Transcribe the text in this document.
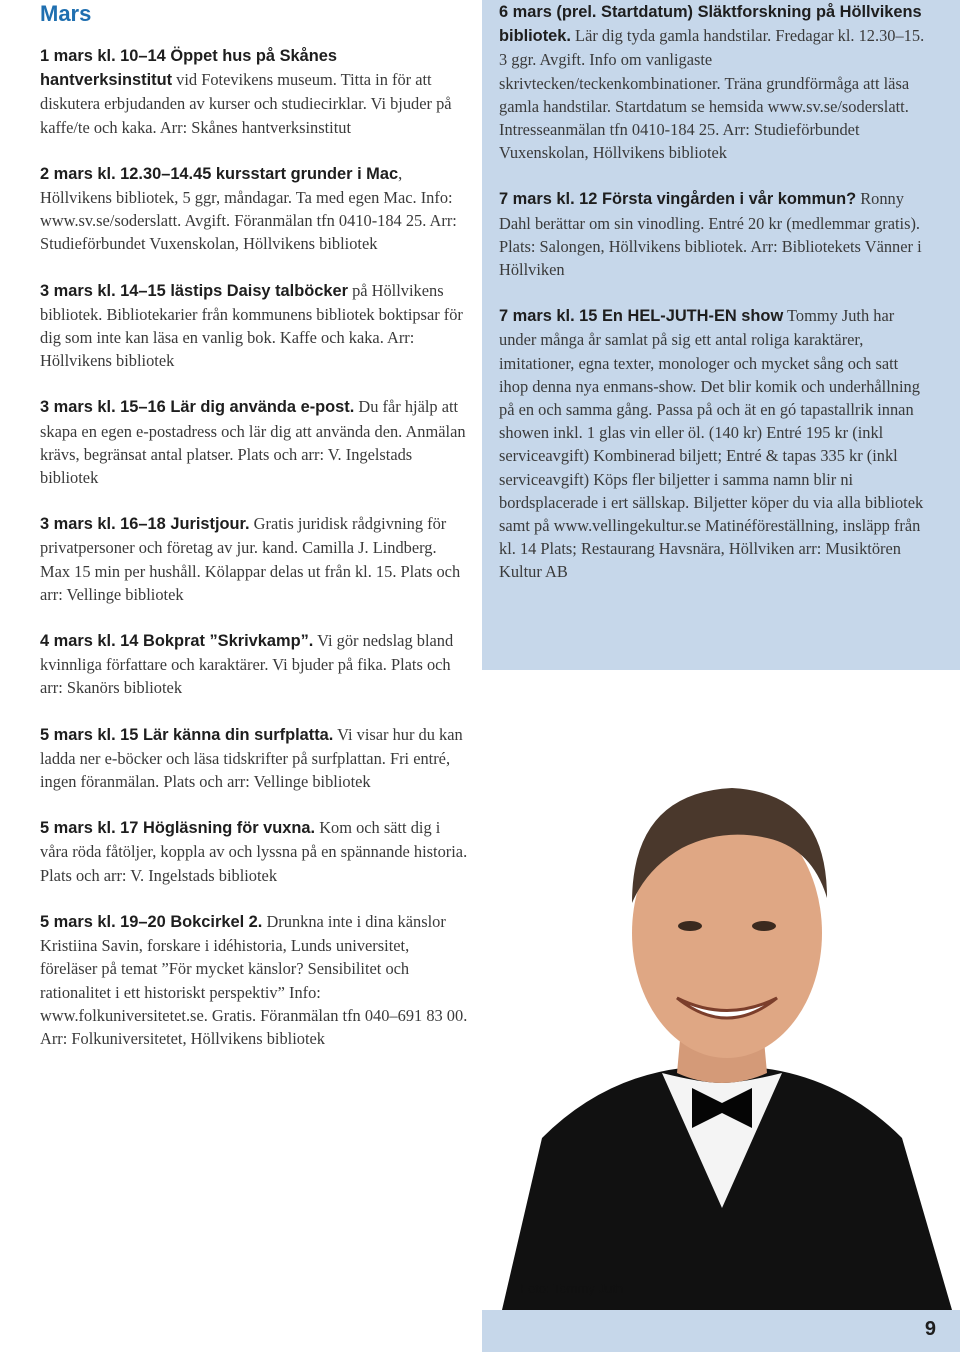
Mars
1 mars kl. 10–14 Öppet hus på Skånes hantverksinstitut vid Fotevikens museum. Titta in för att diskutera erbjudanden av kurser och studiecirklar. Vi bjuder på kaffe/te och kaka. Arr: Skånes hantverksinstitut
2 mars kl. 12.30–14.45 kursstart grunder i Mac, Höllvikens bibliotek, 5 ggr, måndagar. Ta med egen Mac. Info: www.sv.se/soderslatt. Avgift. Föranmälan tfn 0410-184 25. Arr: Studieförbundet Vuxenskolan, Höllvikens bibliotek
3 mars kl. 14–15 lästips Daisy talböcker på Höllvikens bibliotek. Bibliotekarier från kommunens bibliotek boktipsar för dig som inte kan läsa en vanlig bok. Kaffe och kaka. Arr: Höllvikens bibliotek
3 mars kl. 15–16 Lär dig använda e-post. Du får hjälp att skapa en egen e-postadress och lär dig att använda den. Anmälan krävs, begränsat antal platser. Plats och arr: V. Ingelstads bibliotek
3 mars kl. 16–18 Juristjour. Gratis juridisk rådgivning för privatpersoner och företag av jur. kand. Camilla J. Lindberg. Max 15 min per hushåll. Kölappar delas ut från kl. 15. Plats och arr: Vellinge bibliotek
4 mars kl. 14 Bokprat ”Skrivkamp”. Vi gör nedslag bland kvinnliga författare och karaktärer. Vi bjuder på fika. Plats och arr: Skanörs bibliotek
5 mars kl. 15 Lär känna din surfplatta. Vi visar hur du kan ladda ner e-böcker och läsa tidskrifter på surfplattan. Fri entré, ingen föranmälan. Plats och arr: Vellinge bibliotek
5 mars kl. 17 Högläsning för vuxna. Kom och sätt dig i våra röda fåtöljer, koppla av och lyssna på en spännande historia. Plats och arr: V. Ingelstads bibliotek
5 mars kl. 19–20 Bokcirkel 2. Drunkna inte i dina känslor Kristiina Savin, forskare i idéhistoria, Lunds universitet, föreläser på temat ”För mycket känslor? Sensibilitet och rationalitet i ett historiskt perspektiv” Info: www.folkuniversitetet.se. Gratis. Föranmälan tfn 040–691 83 00. Arr: Folkuniversitetet, Höllvikens bibliotek
6 mars (prel. Startdatum) Släktforskning på Höllvikens bibliotek. Lär dig tyda gamla handstilar. Fredagar kl. 12.30–15. 3 ggr. Avgift. Info om vanligaste skrivtecken/teckenkombinationer. Träna grundförmåga att läsa gamla handstilar. Startdatum se hemsida www.sv.se/soderslatt. Intresseanmälan tfn 0410-184 25. Arr: Studieförbundet Vuxenskolan, Höllvikens bibliotek
7 mars kl. 12 Första vingården i vår kommun? Ronny Dahl berättar om sin vinodling. Entré 20 kr (medlemmar gratis). Plats: Salongen, Höllvikens bibliotek. Arr: Bibliotekets Vänner i Höllviken
7 mars kl. 15 En HEL-JUTH-EN show Tommy Juth har under många år samlat på sig ett antal roliga karaktärer, imitationer, egna texter, monologer och mycket sång och satt ihop denna nya enmans-show. Det blir komik och underhållning på en och samma gång. Passa på och ät en gó tapastallrik innan showen inkl. 1 glas vin eller öl. (140 kr) Entré 195 kr (inkl serviceavgift) Kombinerad biljett; Entré & tapas 335 kr (inkl serviceavgift) Köps fler biljetter i samma namn blir ni bordsplacerade i ert sällskap. Biljetter köper du via alla bibliotek samt på www.vellingekultur.se Matinéföreställning, insläpp från kl. 14 Plats; Restaurang Havsnära, Höllviken arr: Musiktören Kultur AB
Foto: Tommy Juth
9
